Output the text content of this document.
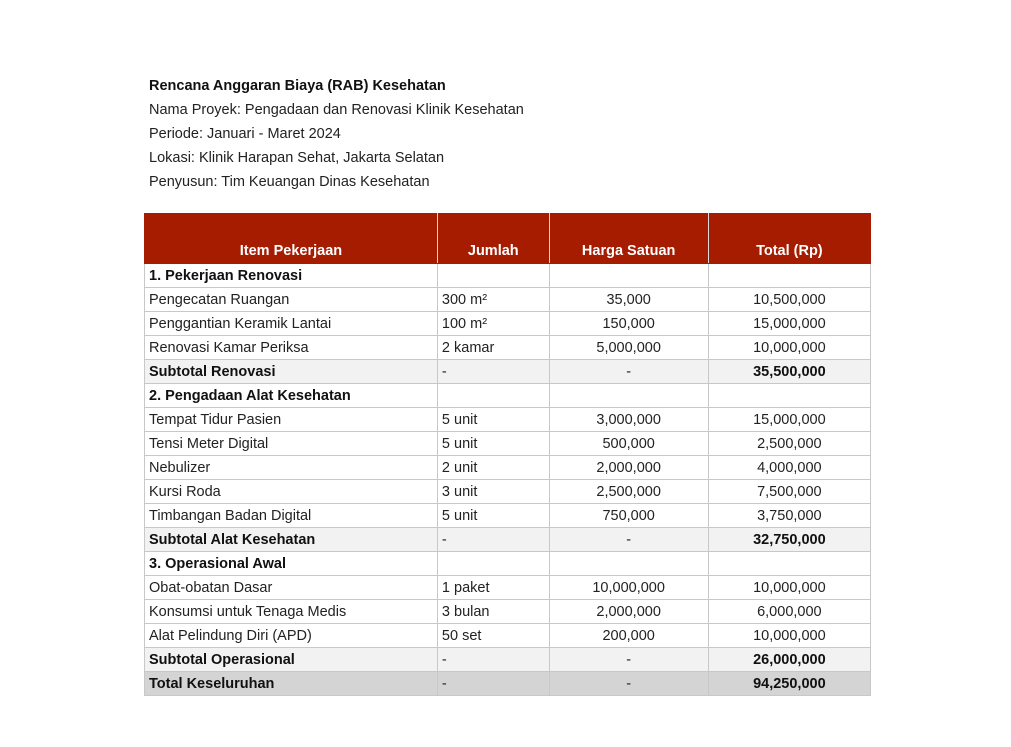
Rencana Anggaran Biaya (RAB) Kesehatan
Nama Proyek: Pengadaan dan Renovasi Klinik Kesehatan
Periode: Januari - Maret 2024
Lokasi: Klinik Harapan Sehat, Jakarta Selatan
Penyusun: Tim Keuangan Dinas Kesehatan
Item Pekerjaan	Jumlah	Harga Satuan	Total (Rp)
1. Pekerjaan Renovasi			
Pengecatan Ruangan	300 m²	35,000	10,500,000
Penggantian Keramik Lantai	100 m²	150,000	15,000,000
Renovasi Kamar Periksa	2 kamar	5,000,000	10,000,000
Subtotal Renovasi	-	-	35,500,000
2. Pengadaan Alat Kesehatan			
Tempat Tidur Pasien	5 unit	3,000,000	15,000,000
Tensi Meter Digital	5 unit	500,000	2,500,000
Nebulizer	2 unit	2,000,000	4,000,000
Kursi Roda	3 unit	2,500,000	7,500,000
Timbangan Badan Digital	5 unit	750,000	3,750,000
Subtotal Alat Kesehatan	-	-	32,750,000
3. Operasional Awal			
Obat-obatan Dasar	1 paket	10,000,000	10,000,000
Konsumsi untuk Tenaga Medis	3 bulan	2,000,000	6,000,000
Alat Pelindung Diri (APD)	50 set	200,000	10,000,000
Subtotal Operasional	-	-	26,000,000
Total Keseluruhan	-	-	94,250,000
